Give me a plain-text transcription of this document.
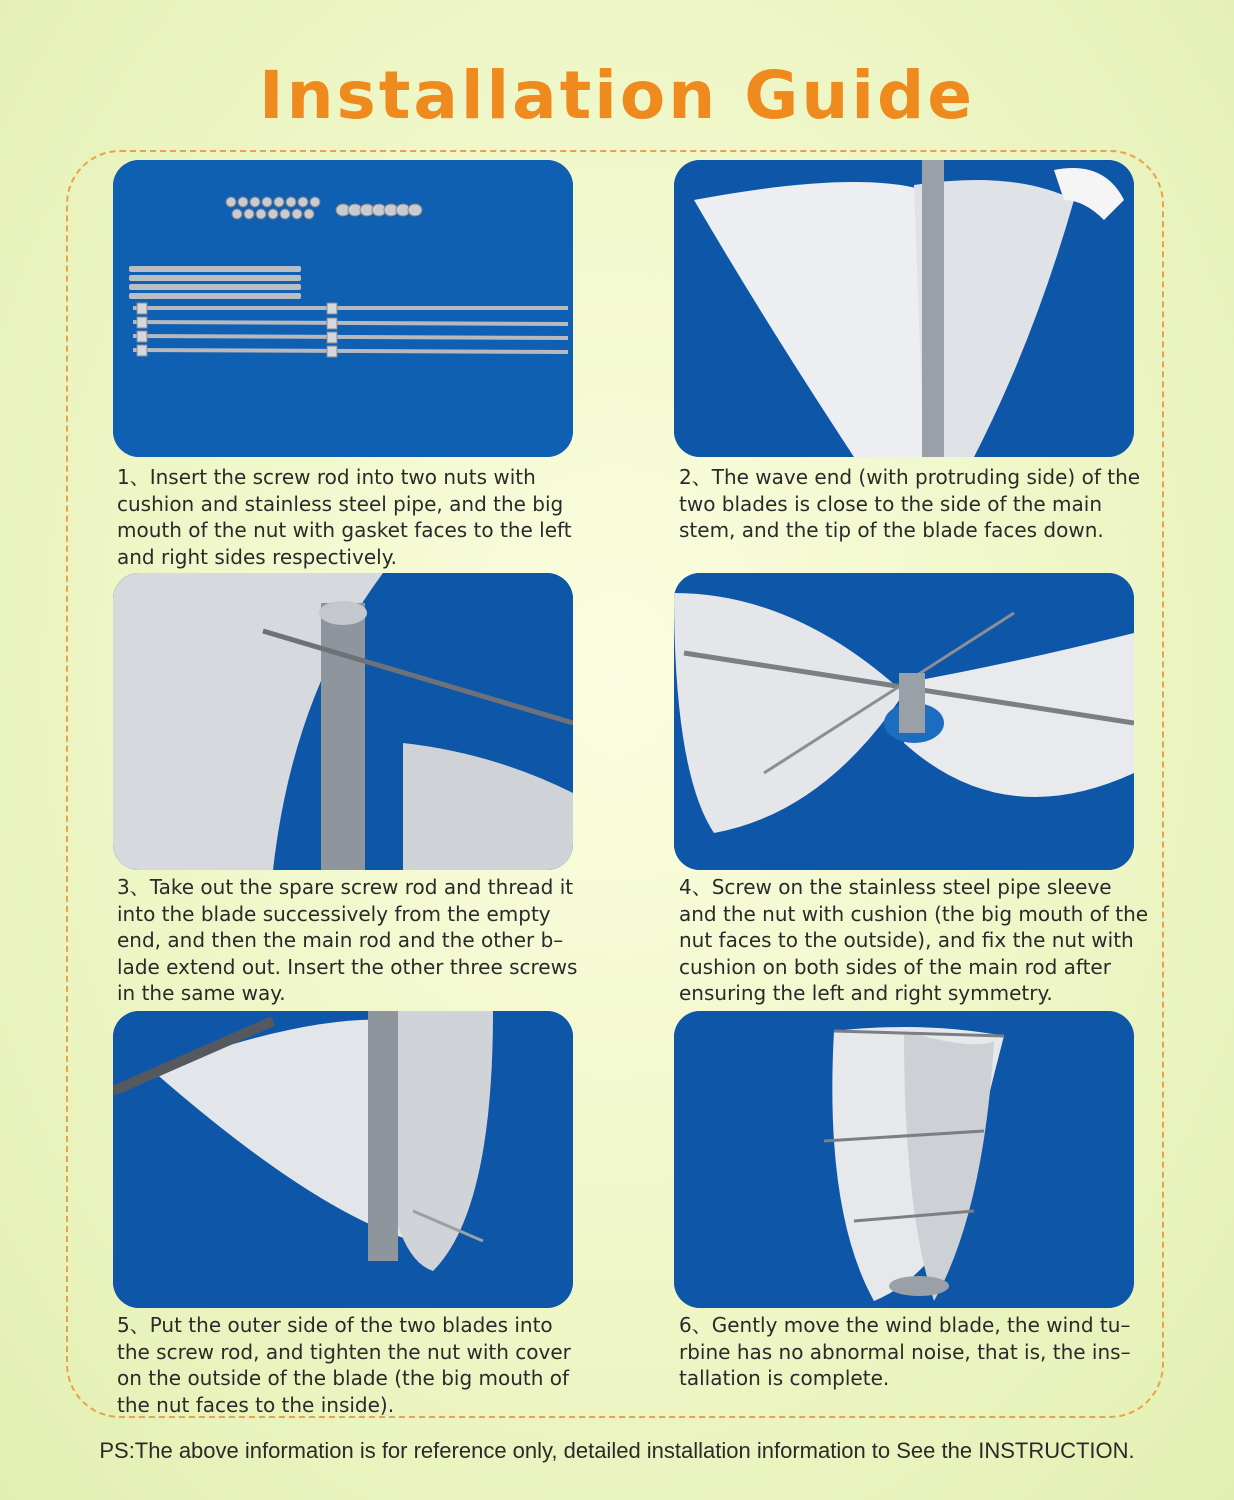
Installation Guide

1、Insert the screw rod into two nuts with cushion and stainless steel pipe, and the big mouth of the nut with gasket faces to the left and right sides respectively.

2、The wave end (with protruding side) of the two blades is close to the side of the main stem, and the tip of the blade faces down.

3、Take out the spare screw rod and thread it into the blade successively from the empty end, and then the main rod and the other b–lade extend out. Insert the other three screws in the same way.

4、Screw on the stainless steel pipe sleeve and the nut with cushion (the big mouth of the nut faces to the outside), and fix the nut with cushion on both sides of the main rod after ensuring the left and right symmetry.

5、Put the outer side of the two blades into the screw rod, and tighten the nut with cover on the outside of the blade (the big mouth of the nut faces to the inside).

6、Gently move the wind blade, the wind tu–rbine has no abnormal noise, that is, the ins–tallation is complete.

PS:The above information is for reference only, detailed installation information to See the INSTRUCTION.
